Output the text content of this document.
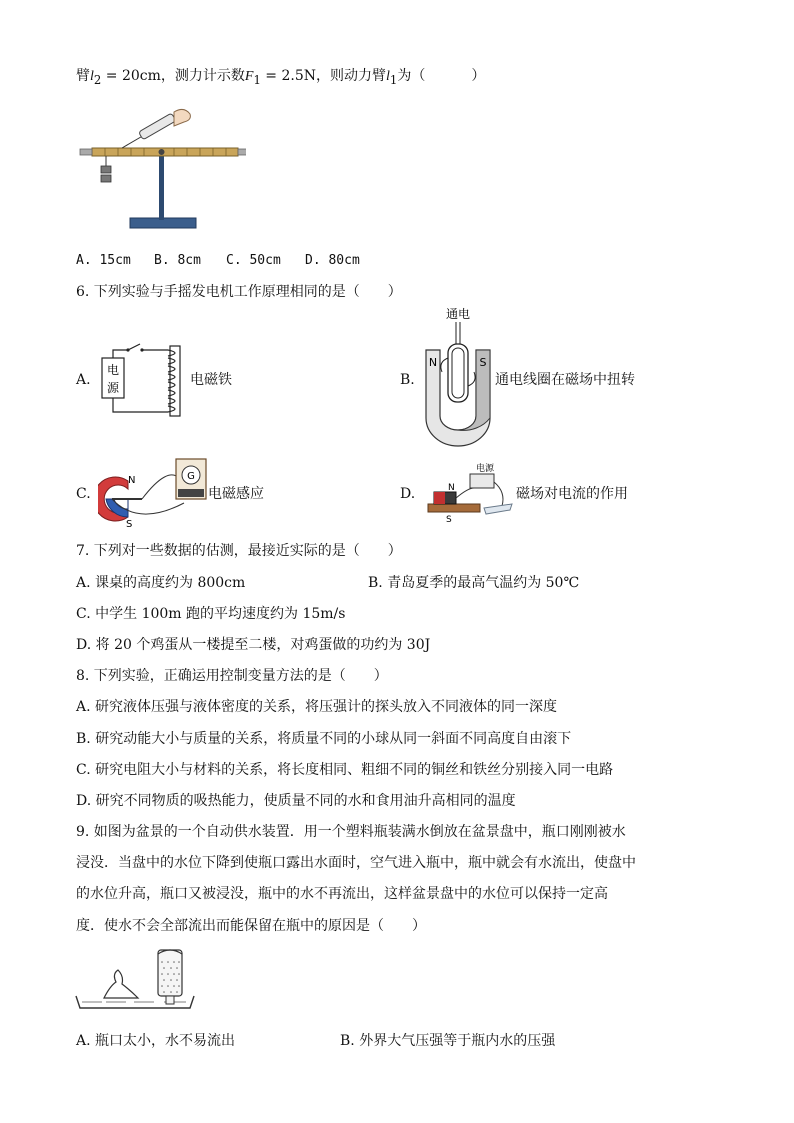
臂$l_2 = 20cm$，测力计示数$F_1 = 2.5N$，则动力臂$l_1$为（	）
A. 15cm B. 8cm C. 50cm D. 80cm
6. 下列实验与手摇发电机工作原理相同的是（　　）
A.
电
源	电磁铁	B.
通电
N	S
通电线圈在磁场中扭转
C.
N
S
G
电磁感应	D.
电源
N
S
磁场对电流的作用
7. 下列对一些数据的估测，最接近实际的是（　　）
A. 课桌的高度约为 800cm	B. 青岛夏季的最高气温约为 50℃
C. 中学生 100m 跑的平均速度约为 15m/s
D. 将 20 个鸡蛋从一楼提至二楼，对鸡蛋做的功约为 30J
8. 下列实验，正确运用控制变量方法的是（　　）
A. 研究液体压强与液体密度的关系，将压强计的探头放入不同液体的同一深度
B. 研究动能大小与质量的关系，将质量不同的小球从同一斜面不同高度自由滚下
C. 研究电阻大小与材料的关系，将长度相同、粗细不同的铜丝和铁丝分别接入同一电路
D. 研究不同物质的吸热能力，使质量不同的水和食用油升高相同的温度
9. 如图为盆景的一个自动供水装置．用一个塑料瓶装满水倒放在盆景盘中，瓶口刚刚被水
浸没．当盘中的水位下降到使瓶口露出水面时，空气进入瓶中，瓶中就会有水流出，使盘中
的水位升高，瓶口又被浸没，瓶中的水不再流出，这样盆景盘中的水位可以保持一定高
度．使水不会全部流出而能保留在瓶中的原因是（　　）
A. 瓶口太小，水不易流出	B. 外界大气压强等于瓶内水的压强
